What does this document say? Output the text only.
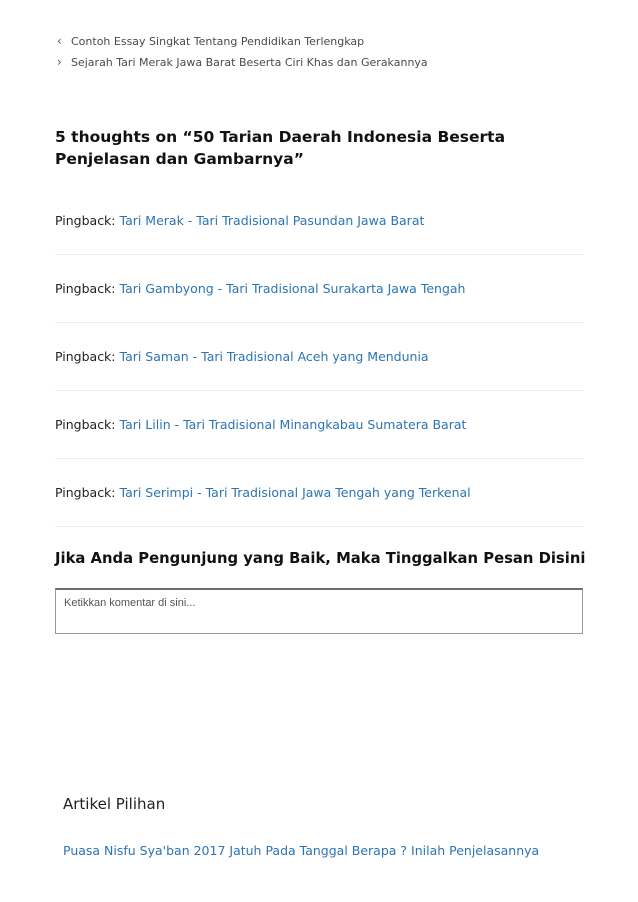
‹ Contoh Essay Singkat Tentang Pendidikan Terlengkap
› Sejarah Tari Merak Jawa Barat Beserta Ciri Khas dan Gerakannya
5 thoughts on “50 Tarian Daerah Indonesia Beserta Penjelasan dan Gambarnya”
Pingback:
Tari Merak - Tari Tradisional Pasundan Jawa Barat
Pingback:
Tari Gambyong - Tari Tradisional Surakarta Jawa Tengah
Pingback:
Tari Saman - Tari Tradisional Aceh yang Mendunia
Pingback:
Tari Lilin - Tari Tradisional Minangkabau Sumatera Barat
Pingback:
Tari Serimpi - Tari Tradisional Jawa Tengah yang Terkenal
Jika Anda Pengunjung yang Baik, Maka Tinggalkan Pesan Disini
Ketikkan komentar di sini...
Artikel Pilihan
Puasa Nisfu Sya'ban 2017 Jatuh Pada Tanggal Berapa ? Inilah Penjelasannya
